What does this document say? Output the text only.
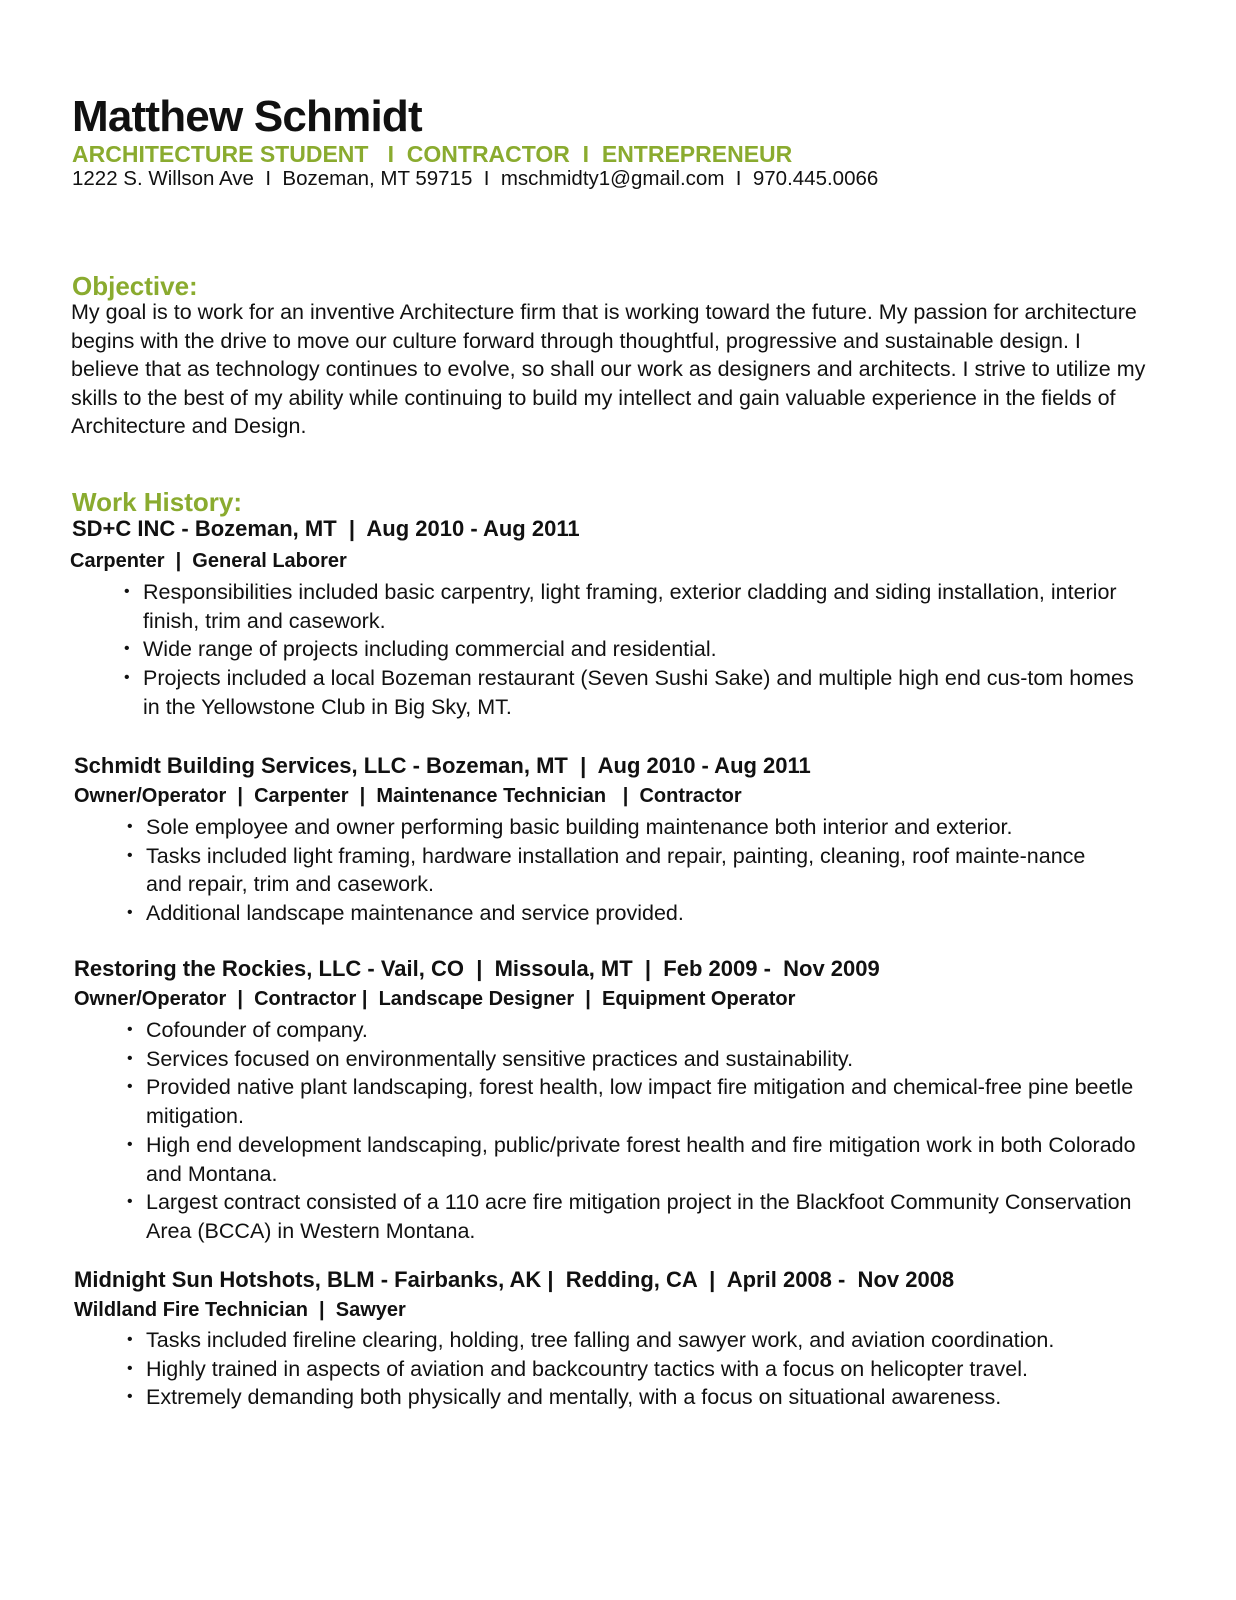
Matthew Schmidt

ARCHITECTURE STUDENT   I  CONTRACTOR  I  ENTREPRENEUR

1222 S. Willson Ave  I  Bozeman, MT 59715  I  mschmidty1@gmail.com  I  970.445.0066

Objective:

My goal is to work for an inventive Architecture firm that is working toward the future. My passion for architecture begins with the drive to move our culture forward through thoughtful, progressive and sustainable design. I believe that as technology continues to evolve, so shall our work as designers and architects. I strive to utilize my skills to the best of my ability while continuing to build my intellect and gain valuable experience in the fields of Architecture and Design.

Work History:
SD+C INC - Bozeman, MT  |  Aug 2010 - Aug 2011

Carpenter  |  General Laborer

• Responsibilities included basic carpentry, light framing, exterior cladding and siding installation, interior finish, trim and casework.
• Wide range of projects including commercial and residential.
• Projects included a local Bozeman restaurant (Seven Sushi Sake) and multiple high end cus-tom homes in the Yellowstone Club in Big Sky, MT.
Schmidt Building Services, LLC - Bozeman, MT  |  Aug 2010 - Aug 2011

Owner/Operator  |  Carpenter  |  Maintenance Technician   |  Contractor

• Sole employee and owner performing basic building maintenance both interior and exterior.
• Tasks included light framing, hardware installation and repair, painting, cleaning, roof mainte-nance and repair, trim and casework.
• Additional landscape maintenance and service provided.
Restoring the Rockies, LLC - Vail, CO  |  Missoula, MT  |  Feb 2009 -  Nov 2009

Owner/Operator  |  Contractor |  Landscape Designer  |  Equipment Operator

• Cofounder of company.
• Services focused on environmentally sensitive practices and sustainability.
• Provided native plant landscaping, forest health, low impact fire mitigation and chemical-free pine beetle mitigation.
• High end development landscaping, public/private forest health and fire mitigation work in both Colorado and Montana.
• Largest contract consisted of a 110 acre fire mitigation project in the Blackfoot Community Conservation Area (BCCA) in Western Montana.
Midnight Sun Hotshots, BLM - Fairbanks, AK |  Redding, CA  |  April 2008 -  Nov 2008

Wildland Fire Technician  |  Sawyer

• Tasks included fireline clearing, holding, tree falling and sawyer work, and aviation coordination.
• Highly trained in aspects of aviation and backcountry tactics with a focus on helicopter travel.
• Extremely demanding both physically and mentally, with a focus on situational awareness.
